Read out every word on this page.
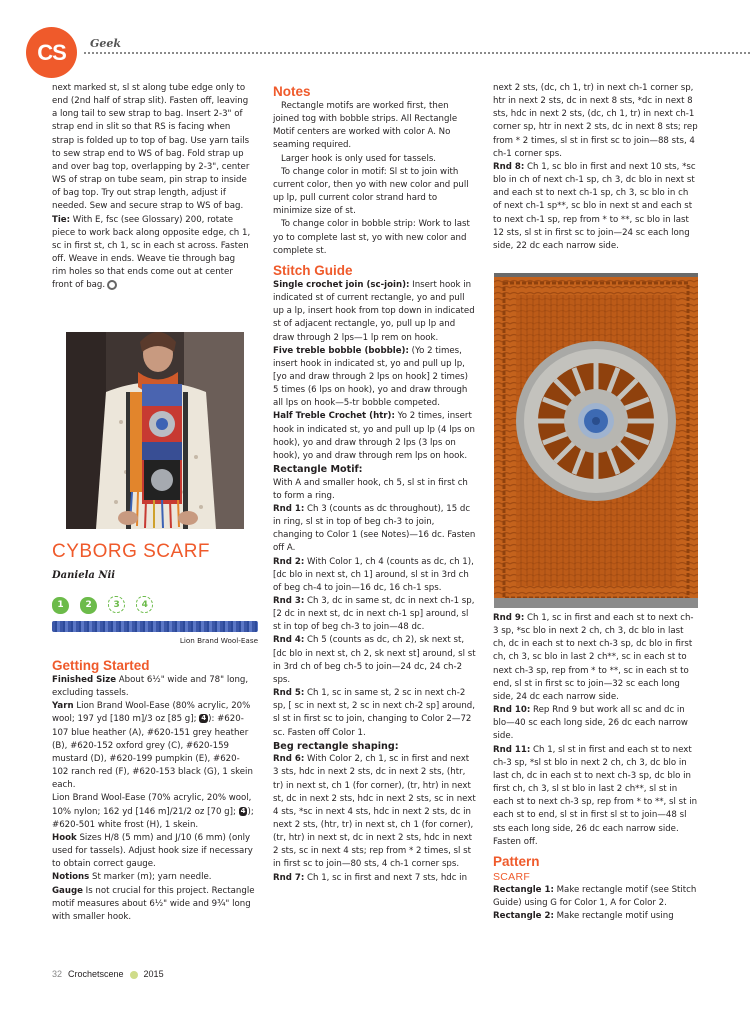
CS	Geek

next marked st, sl st along tube edge only to end (2nd half of strap slit). Fasten off, leaving a long tail to sew strap to bag. Insert 2-3" of strap end in slit so that RS is facing when strap is folded up to top of bag. Use yarn tails to sew strap end to WS of bag. Fold strap up and over bag top, overlapping by 2-3", center WS of strap on tube seam, pin strap to inside of bag top. Try out strap length, adjust if needed. Sew and secure strap to WS of bag.

Tie: With E, fsc (see Glossary) 200, rotate piece to work back along opposite edge, ch 1, sc in first st, ch 1, sc in each st across. Fasten off. Weave in ends. Weave tie through bag rim holes so that ends come out at center front of bag.

CYBORG SCARF
Daniela Nii
1 2 3 4
Lion Brand Wool-Ease

Getting Started

Finished Size About 6½" wide and 78" long, excluding tassels.

Yarn Lion Brand Wool-Ease (80% acrylic, 20% wool; 197 yd [180 m]/3 oz [85 g]; 4 ): #620-107 blue heather (A), #620-151 grey heather (B), #620-152 oxford grey (C), #620-159 mustard (D), #620-199 pumpkin (E), #620-102 ranch red (F), #620-153 black (G), 1 skein each.

Lion Brand Wool-Ease (70% acrylic, 20% wool, 10% nylon; 162 yd [146 m]/21/2 oz [70 g]; 4 ); #620-501 white frost (H), 1 skein.

Hook Sizes H/8 (5 mm) and J/10 (6 mm) (only used for tassels). Adjust hook size if necessary to obtain correct gauge.

Notions St marker (m); yarn needle.

Gauge Is not crucial for this project. Rectangle motif measures about 6½" wide and 9¾" long with smaller hook.

Notes

Rectangle motifs are worked first, then joined tog with bobble strips. All Rectangle Motif centers are worked with color A. No seaming required.

Larger hook is only used for tassels.

To change color in motif: Sl st to join with current color, then yo with new color and pull up lp, pull current color strand hard to minimize size of st.

To change color in bobble strip: Work to last yo to complete last st, yo with new color and complete st.

Stitch Guide

Single crochet join (sc-join): Insert hook in indicated st of current rectangle, yo and pull up a lp, insert hook from top down in indicated st of adjacent rectangle, yo, pull up lp and draw through 2 lps—1 lp rem on hook.

Five treble bobble (bobble): (Yo 2 times, insert hook in indicated st, yo and pull up lp, [yo and draw through 2 lps on hook] 2 times) 5 times (6 lps on hook), yo and draw through all lps on hook—5-tr bobble competed.

Half Treble Crochet (htr): Yo 2 times, insert hook in indicated st, yo and pull up lp (4 lps on hook), yo and draw through 2 lps (3 lps on hook), yo and draw through rem lps on hook.

Rectangle Motif:

With A and smaller hook, ch 5, sl st in first ch to form a ring.

Rnd 1: Ch 3 (counts as dc throughout), 15 dc in ring, sl st in top of beg ch-3 to join, changing to Color 1 (see Notes)—16 dc. Fasten off A.

Rnd 2: With Color 1, ch 4 (counts as dc, ch 1), [dc blo in next st, ch 1] around, sl st in 3rd ch of beg ch-4 to join—16 dc, 16 ch-1 sps.

Rnd 3: Ch 3, dc in same st, dc in next ch-1 sp, [2 dc in next st, dc in next ch-1 sp] around, sl st in top of beg ch-3 to join—48 dc.

Rnd 4: Ch 5 (counts as dc, ch 2), sk next st, [dc blo in next st, ch 2, sk next st] around, sl st in 3rd ch of beg ch-5 to join—24 dc, 24 ch-2 sps.

Rnd 5: Ch 1, sc in same st, 2 sc in next ch-2 sp, [ sc in next st, 2 sc in next ch-2 sp] around, sl st in first sc to join, changing to Color 2—72 sc. Fasten off Color 1.

Beg rectangle shaping:

Rnd 6: With Color 2, ch 1, sc in first and next 3 sts, hdc in next 2 sts, dc in next 2 sts, (htr, tr) in next st, ch 1 (for corner), (tr, htr) in next st, dc in next 2 sts, hdc in next 2 sts, sc in next 4 sts, *sc in next 4 sts, hdc in next 2 sts, dc in next 2 sts, (htr, tr) in next st, ch 1 (for corner), (tr, htr) in next st, dc in next 2 sts, hdc in next 2 sts, sc in next 4 sts; rep from * 2 times, sl st in first sc to join—80 sts, 4 ch-1 corner sps.

Rnd 7: Ch 1, sc in first and next 7 sts, hdc in

next 2 sts, (dc, ch 1, tr) in next ch-1 corner sp, htr in next 2 sts, dc in next 8 sts, *dc in next 8 sts, hdc in next 2 sts, (dc, ch 1, tr) in next ch-1 corner sp, htr in next 2 sts, dc in next 8 sts; rep from * 2 times, sl st in first sc to join—88 sts, 4 ch-1 corner sps.

Rnd 8: Ch 1, sc blo in first and next 10 sts, *sc blo in ch of next ch-1 sp, ch 3, dc blo in next st and each st to next ch-1 sp, ch 3, sc blo in ch of next ch-1 sp**, sc blo in next st and each st to next ch-1 sp, rep from * to **, sc blo in last 12 sts, sl st in first sc to join—24 sc each long side, 22 dc each narrow side.

Rnd 9: Ch 1, sc in first and each st to next ch-3 sp, *sc blo in next 2 ch, ch 3, dc blo in last ch, dc in each st to next ch-3 sp, dc blo in first ch, ch 3, sc blo in last 2 ch**, sc in each st to next ch-3 sp, rep from * to **, sc in each st to end, sl st in first sc to join—32 sc each long side, 24 dc each narrow side.

Rnd 10: Rep Rnd 9 but work all sc and dc in blo—40 sc each long side, 26 dc each narrow side.

Rnd 11: Ch 1, sl st in first and each st to next ch-3 sp, *sl st blo in next 2 ch, ch 3, dc blo in last ch, dc in each st to next ch-3 sp, dc blo in first ch, ch 3, sl st blo in last 2 ch**, sl st in each st to next ch-3 sp, rep from * to **, sl st in each st to end, sl st in first sl st to join—48 sl sts each long side, 26 dc each narrow side. Fasten off.

Pattern

SCARF

Rectangle 1: Make rectangle motif (see Stitch Guide) using G for Color 1, A for Color 2.

Rectangle 2: Make rectangle motif using

32 Crochetscene 2015
